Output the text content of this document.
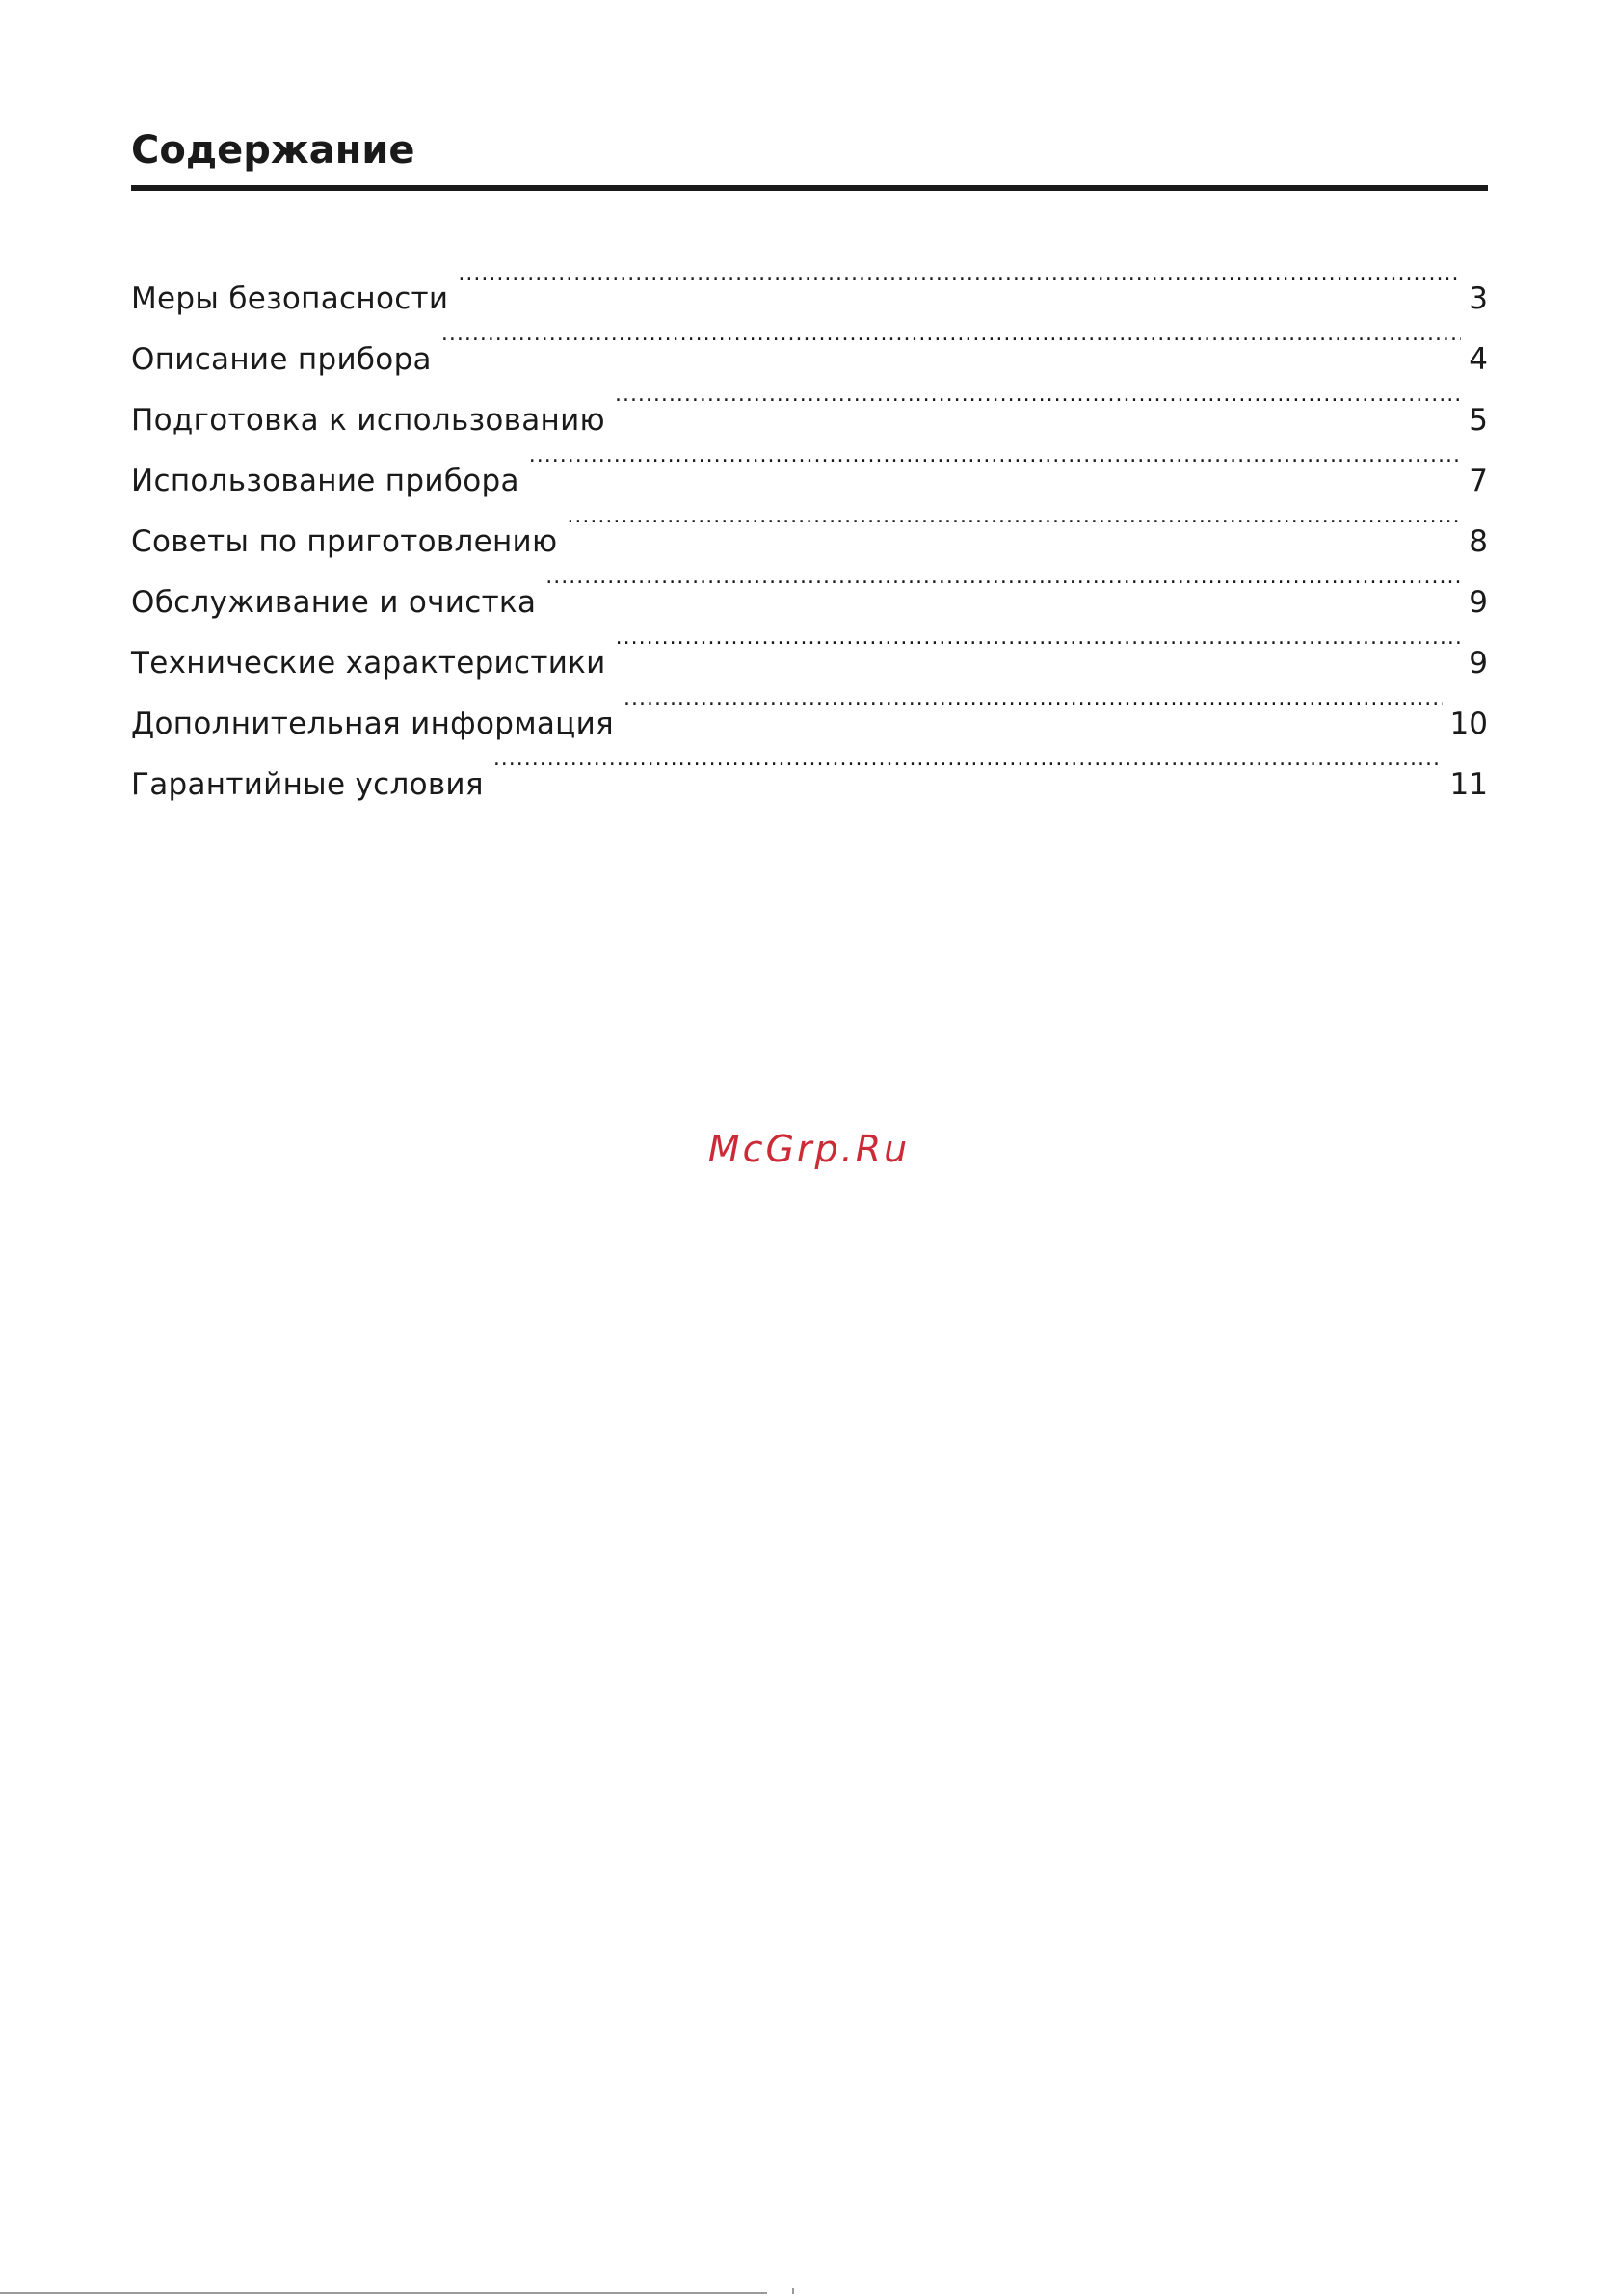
Содержание
Меры безопасности .....	3
Описание прибора .....	4
Подготовка к использованию .....	5
Использование прибора .....	7
Советы по приготовлению .....	8
Обслуживание и очистка .....	9
Технические характеристики .....	9
Дополнительная информация .....	10
Гарантийные условия .....	11
McGrp.Ru
